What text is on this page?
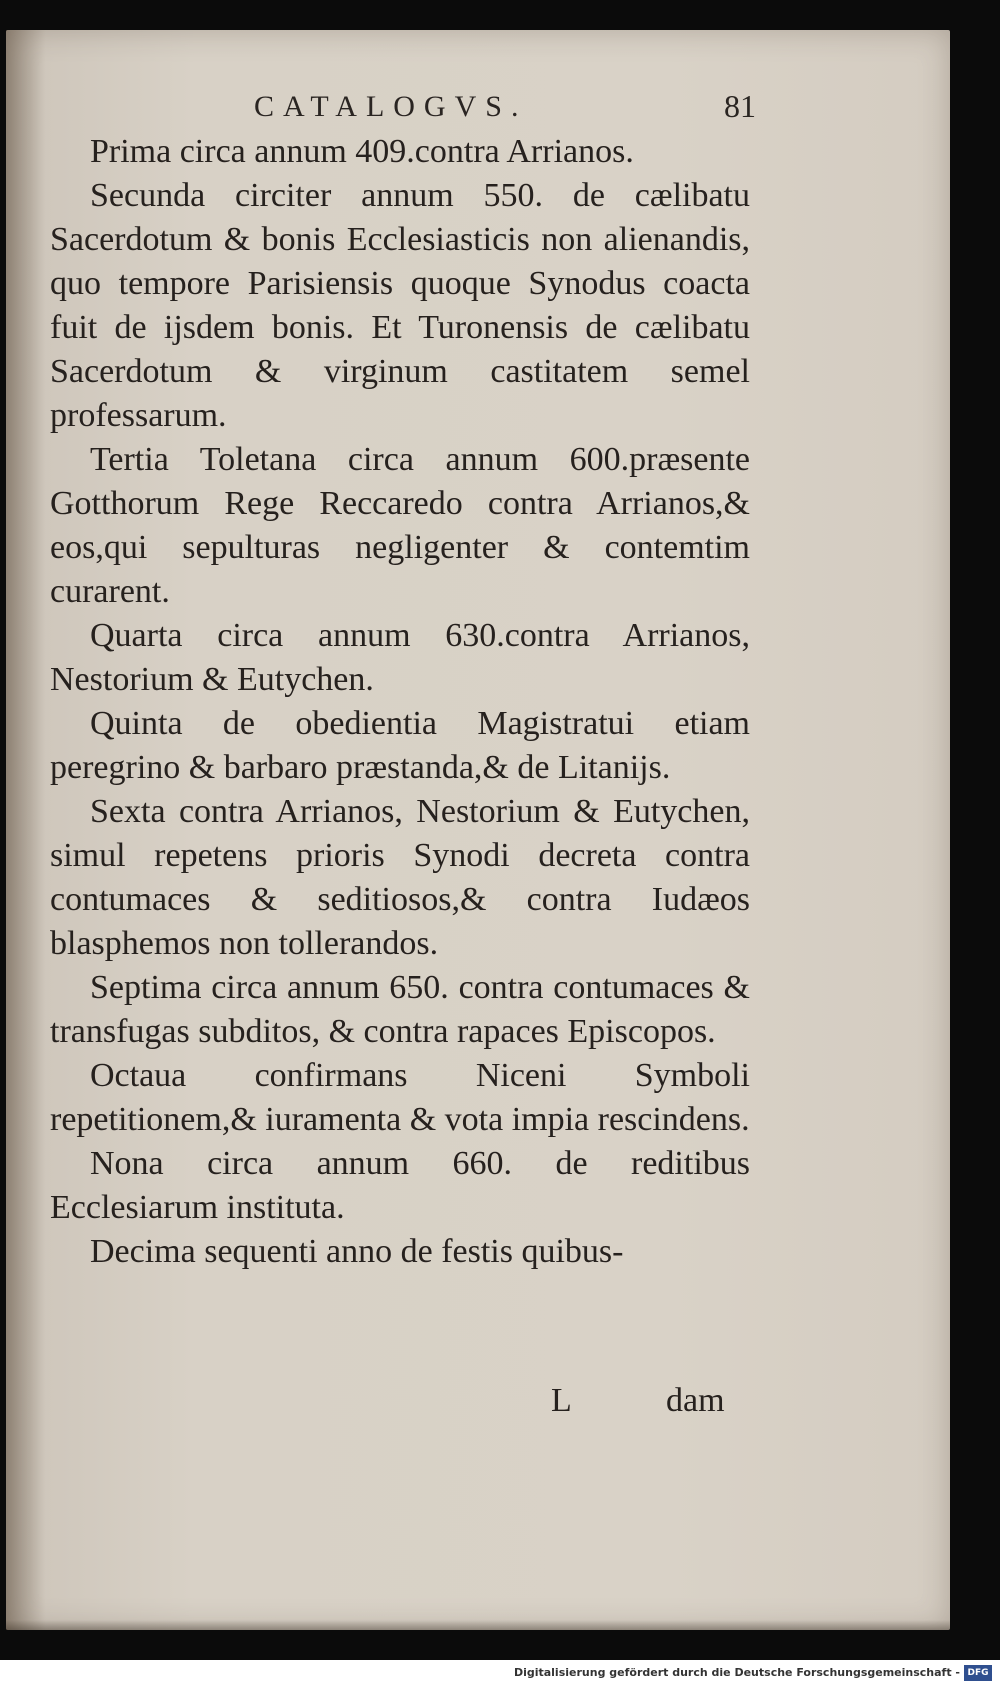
CATALOGVS.	81

Prima circa annum 409.contra Arrianos.

Secunda circiter annum 550. de cælibatu Sacerdotum & bonis Ecclesiasticis non alienandis, quo tempore Parisiensis quoque Synodus coacta fuit de ijsdem bonis. Et Turonensis de cælibatu Sacerdotum & virginum castitatem semel professarum.

Tertia Toletana circa annum 600.præsente Gotthorum Rege Reccaredo contra Arrianos,& eos,qui sepulturas negligenter & contemtim curarent.

Quarta circa annum 630.contra Arrianos, Nestorium & Eutychen.

Quinta de obedientia Magistratui etiam peregrino & barbaro præstanda,& de Litanijs.

Sexta contra Arrianos, Nestorium & Eutychen, simul repetens prioris Synodi decreta contra contumaces & seditiosos,& contra Iudæos blasphemos non tollerandos.

Septima circa annum 650. contra contumaces & transfugas subditos, & contra rapaces Episcopos.

Octaua confirmans Niceni Symboli repetitionem,& iuramenta & vota impia rescindens.

Nona circa annum 660. de reditibus Ecclesiarum instituta.

Decima sequenti anno de festis quibus-

L	dam
Digitalisierung gefördert durch die Deutsche Forschungsgemeinschaft - DFG
